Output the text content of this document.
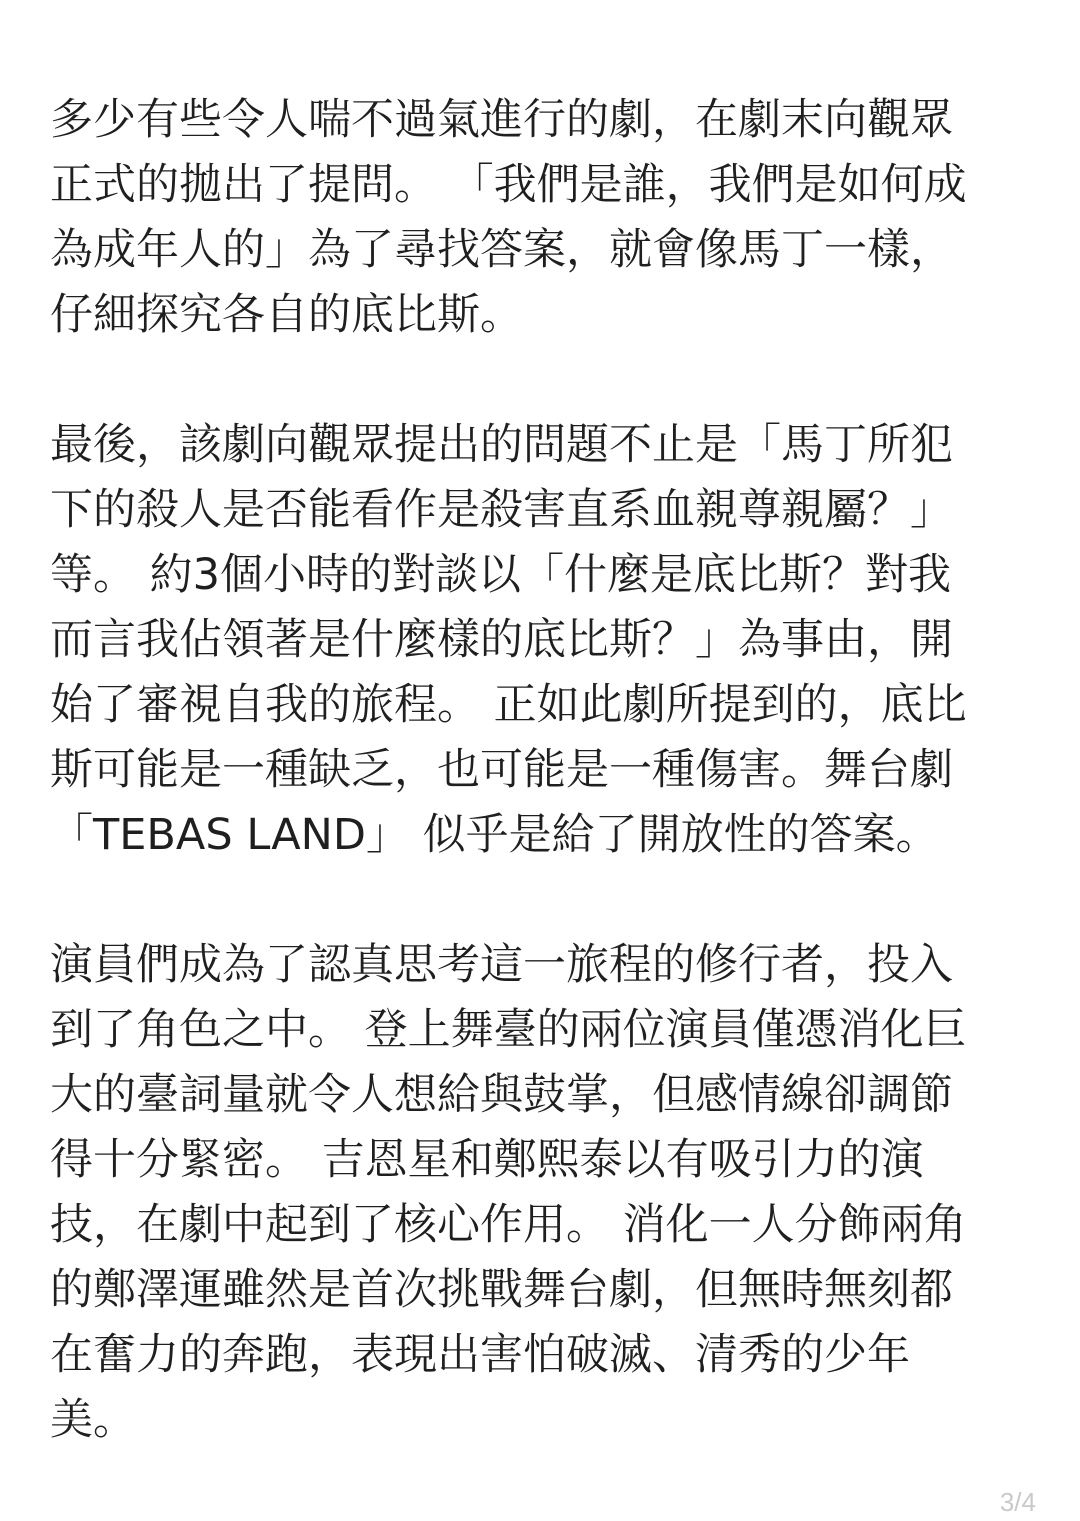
多少有些令人喘不過氣進行的劇，在劇末向觀眾
正式的拋出了提問。 「我們是誰，我們是如何成
為成年人的」為了尋找答案，就會像馬丁一樣，
仔細探究各自的底比斯。

最後，該劇向觀眾提出的問題不止是「馬丁所犯
下的殺人是否能看作是殺害直系血親尊親屬？」
等。 約3個小時的對談以「什麼是底比斯？對我
而言我佔領著是什麼樣的底比斯？」為事由，開
始了審視自我的旅程。 正如此劇所提到的，底比
斯可能是一種缺乏，也可能是一種傷害。舞台劇
「TEBAS LAND」 似乎是給了開放性的答案。

演員們成為了認真思考這一旅程的修行者，投入
到了角色之中。 登上舞臺的兩位演員僅憑消化巨
大的臺詞量就令人想給與鼓掌，但感情線卻調節
得十分緊密。 吉恩星和鄭熙泰以有吸引力的演
技，在劇中起到了核心作用。 消化一人分飾兩角
的鄭澤運雖然是首次挑戰舞台劇，但無時無刻都
在奮力的奔跑，表現出害怕破滅、清秀的少年
美。

3/4
